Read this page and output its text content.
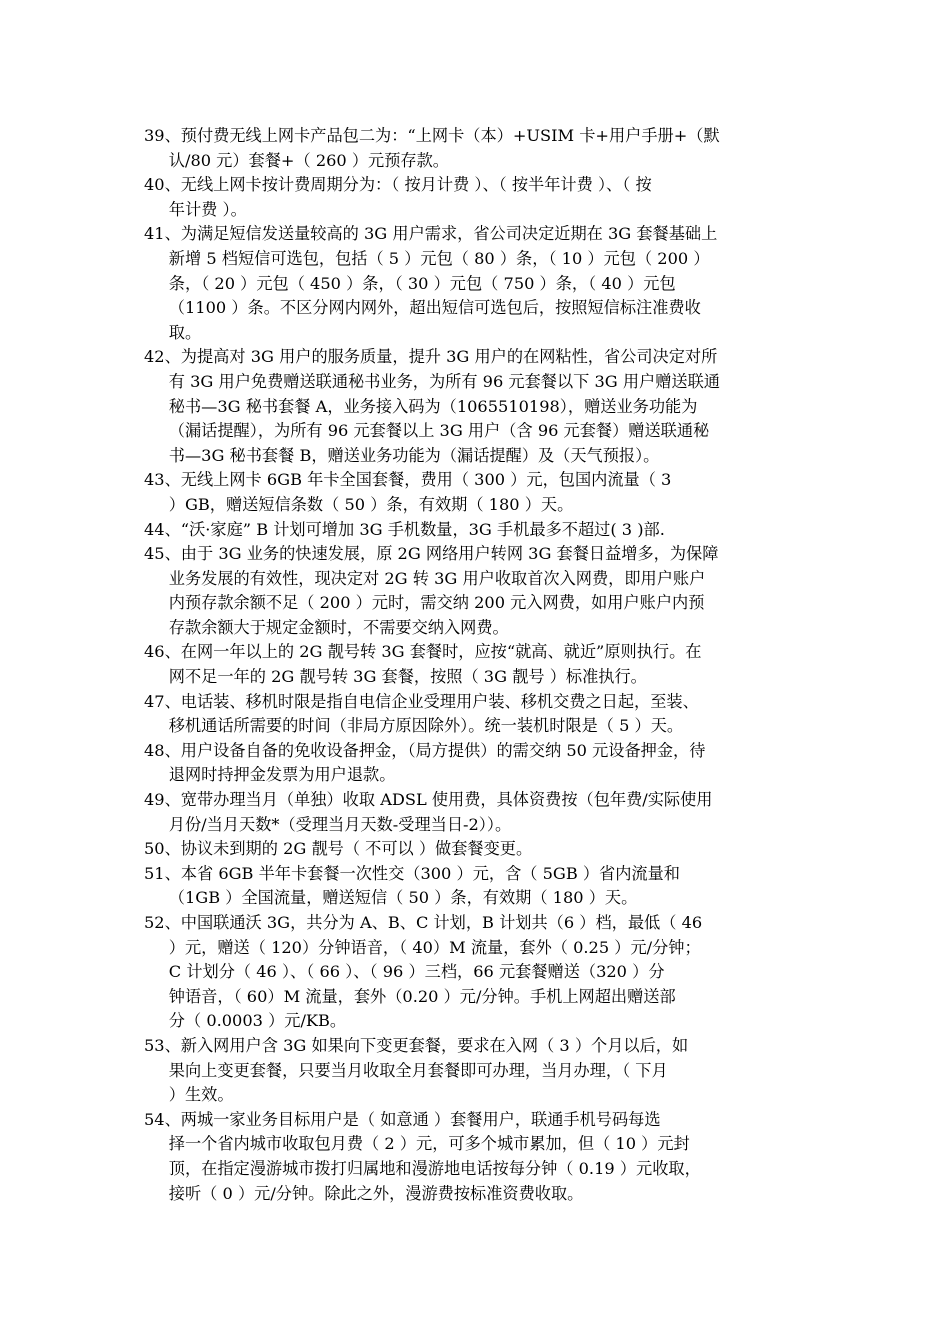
39、 预付费无线上网卡产品包二为：“上网卡（本）+USIM 卡+用户手册+（默
认/80 元）套餐+（ 260 ）元预存款。
40、 无线上网卡按计费周期分为：（ 按月计费 ）、（ 按半年计费 ）、（ 按
年计费 ）。
41、 为满足短信发送量较高的 3G 用户需求，省公司决定近期在 3G 套餐基础上
新增 5 档短信可选包，包括（ 5 ）元包（ 80 ）条，（ 10 ）元包（ 200 ）
条，（ 20 ）元包（ 450 ）条，（ 30 ）元包（ 750 ）条，（ 40 ）元包
（1100 ）条。不区分网内网外，超出短信可选包后，按照短信标注准费收
取。
42、 为提高对 3G 用户的服务质量，提升 3G 用户的在网粘性，省公司决定对所
有 3G 用户免费赠送联通秘书业务，为所有 96 元套餐以下 3G 用户赠送联通
秘书—3G 秘书套餐 A，业务接入码为（1065510198），赠送业务功能为
（漏话提醒），为所有 96 元套餐以上 3G 用户（含 96 元套餐）赠送联通秘
书—3G 秘书套餐 B，赠送业务功能为（漏话提醒）及（天气预报）。
43、 无线上网卡 6GB 年卡全国套餐，费用（ 300 ）元，包国内流量（ 3
）GB，赠送短信条数（ 50 ）条，有效期（ 180 ）天。
44、 “沃·家庭” B 计划可增加 3G 手机数量，3G 手机最多不超过( 3 )部.
45、 由于 3G 业务的快速发展，原 2G 网络用户转网 3G 套餐日益增多，为保障
业务发展的有效性，现决定对 2G 转 3G 用户收取首次入网费，即用户账户
内预存款余额不足（ 200 ）元时，需交纳 200 元入网费，如用户账户内预
存款余额大于规定金额时，不需要交纳入网费。
46、 在网一年以上的 2G 靓号转 3G 套餐时，应按“就高、就近”原则执行。在
网不足一年的 2G 靓号转 3G 套餐，按照（ 3G 靓号 ）标准执行。
47、 电话装、移机时限是指自电信企业受理用户装、移机交费之日起，至装、
移机通话所需要的时间（非局方原因除外）。统一装机时限是（ 5 ）天。
48、 用户设备自备的免收设备押金，（局方提供）的需交纳 50 元设备押金，待
退网时持押金发票为用户退款。
49、 宽带办理当月（单独）收取 ADSL 使用费，具体资费按（包年费/实际使用
月份/当月天数*（受理当月天数-受理当日-2））。
50、 协议未到期的 2G 靓号（ 不可以 ）做套餐变更。
51、 本省 6GB 半年卡套餐一次性交（300 ）元，含（ 5GB ）省内流量和
（1GB ）全国流量，赠送短信（ 50 ）条，有效期（ 180 ）天。
52、 中国联通沃 3G，共分为 A、B、C 计划，B 计划共（6 ）档，最低（ 46
）元，赠送（ 120）分钟语音，（ 40）M 流量，套外（ 0.25 ）元/分钟；
C 计划分（ 46 ）、（ 66 ）、（ 96 ）三档，66 元套餐赠送（320 ）分
钟语音，（ 60）M 流量，套外（0.20 ）元/分钟。手机上网超出赠送部
分（ 0.0003 ）元/KB。
53、 新入网用户含 3G 如果向下变更套餐，要求在入网（ 3 ）个月以后，如
果向上变更套餐，只要当月收取全月套餐即可办理，当月办理，（ 下月
）生效。
54、 两城一家业务目标用户是（ 如意通 ）套餐用户，联通手机号码每选
择一个省内城市收取包月费（ 2 ）元，可多个城市累加，但（ 10 ）元封
顶，在指定漫游城市拨打归属地和漫游地电话按每分钟（ 0.19 ）元收取，
接听（ 0 ）元/分钟。除此之外，漫游费按标准资费收取。
